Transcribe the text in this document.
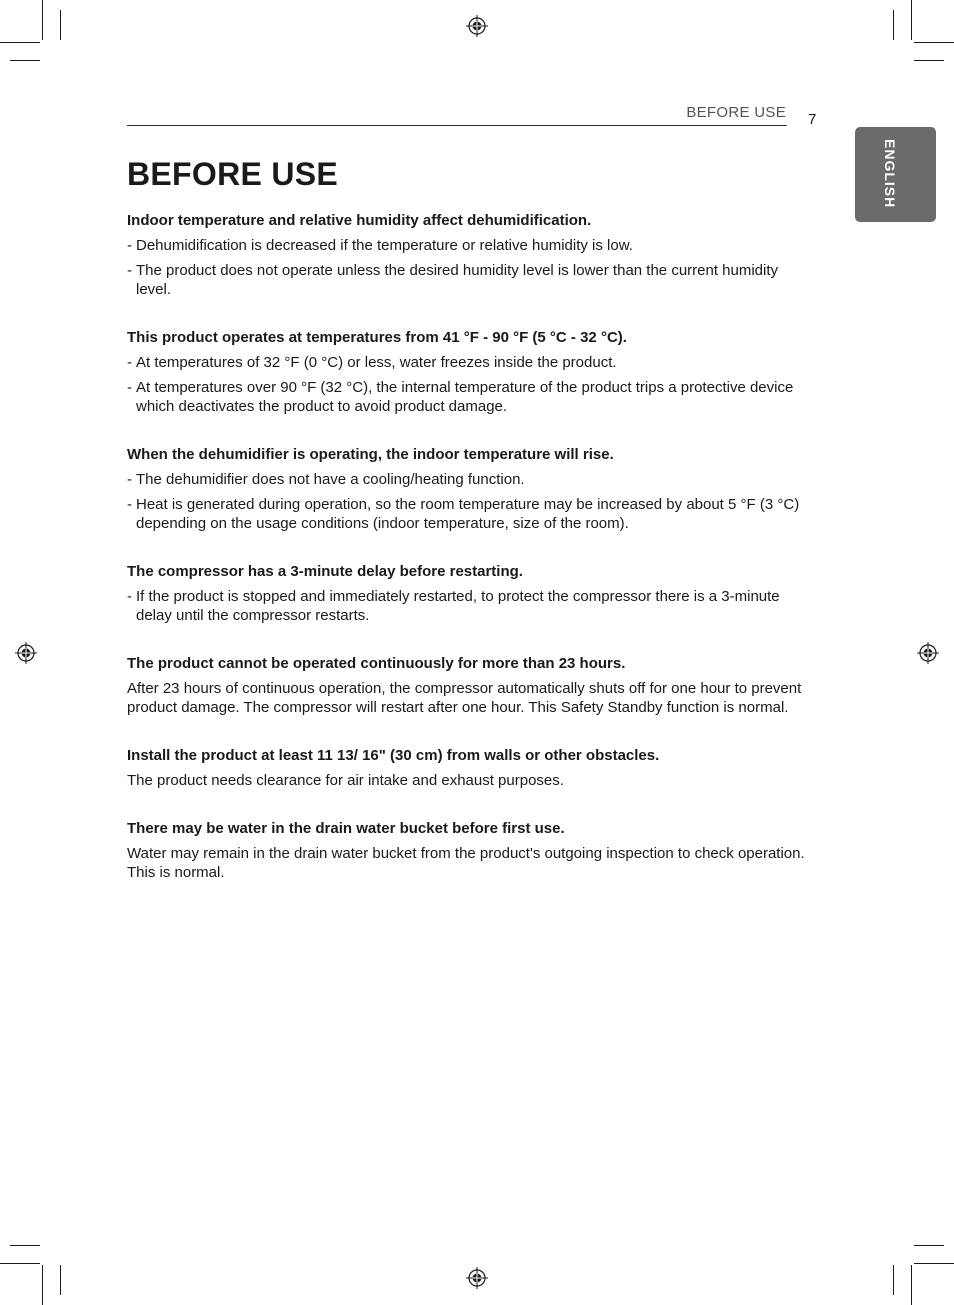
BEFORE USE 7
ENGLISH
BEFORE USE
Indoor temperature and relative humidity affect dehumidification.
- Dehumidification is decreased if the temperature or relative humidity is low.
- The product does not operate unless the desired humidity level is lower than the current humidity level.
This product operates at temperatures from 41 °F - 90 °F (5 °C - 32 °C).
- At temperatures of 32 °F (0 °C) or less, water freezes inside the product.
- At temperatures over 90 °F (32 °C), the internal temperature of the product trips a protective device which deactivates the product to avoid product damage.
When the dehumidifier is operating, the indoor temperature will rise.
- The dehumidifier does not have a cooling/heating function.
- Heat is generated during operation, so the room temperature may be increased by about 5 °F (3 °C) depending on the usage conditions (indoor temperature, size of the room).
The compressor has a 3-minute delay before restarting.
- If the product is stopped and immediately restarted, to protect the compressor there is a 3-minute delay until the compressor restarts.
The product cannot be operated continuously for more than 23 hours.

After 23 hours of continuous operation, the compressor automatically shuts off for one hour to prevent product damage. The compressor will restart after one hour. This Safety Standby function is normal.

Install the product at least 11 13/ 16" (30 cm) from walls or other obstacles.

The product needs clearance for air intake and exhaust purposes.

There may be water in the drain water bucket before first use.

Water may remain in the drain water bucket from the product's outgoing inspection to check operation. This is normal.
